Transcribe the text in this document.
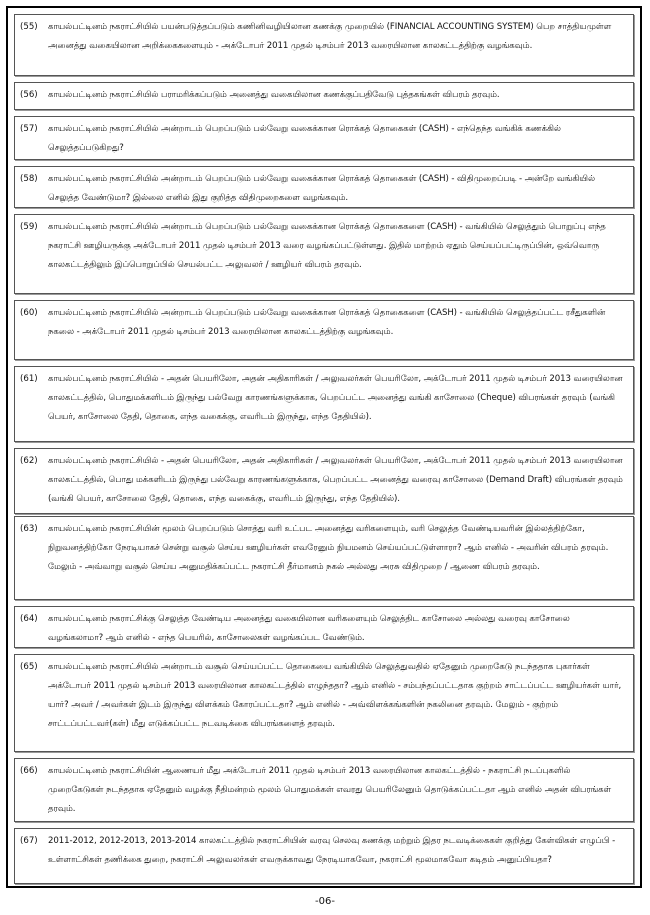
(55)	காயல்பட்டினம் நகராட்சியில் பயன்படுத்தப்படும் கணினிவழியிலான கணக்கு முறையில் (FINANCIAL ACCOUNTING SYSTEM) பெற சாத்தியமுள்ள அனைத்து வகையிலான அறிக்கைகளையும் - அக்டோபர் 2011 முதல் டிசம்பர் 2013 வரையிலான காலகட்டத்திற்கு வழங்கவும்.
(56)	காயல்பட்டினம் நகராட்சியில் பராமரிக்கப்படும் அனைத்து வகையிலான கணக்குப்பதிவேடு புத்தகங்கள் விபரம் தரவும்.
(57)	காயல்பட்டினம் நகராட்சியில் அன்றாடம் பெறப்படும் பல்வேறு வகைக்கான ரொக்கத் தொகைகள் (CASH) - எந்தெந்த வங்கிக் கணக்கில் செலுத்தப்படுகிறது?
(58)	காயல்பட்டினம் நகராட்சியில் அன்றாடம் பெறப்படும் பல்வேறு வகைக்கான ரொக்கத் தொகைகள் (CASH) - விதிமுறைப்படி - அன்றே வங்கியில் செலுத்த வேண்டுமா? இல்லை எனில் இது குறித்த விதிமுறைகளை வழங்கவும்.
(59)	காயல்பட்டினம் நகராட்சியில் அன்றாடம் பெறப்படும் பல்வேறு வகைக்கான ரொக்கத் தொகைகளை (CASH) - வங்கியில் செலுத்தும் பொறுப்பு எந்த நகராட்சி ஊழியருக்கு அக்டோபர் 2011 முதல் டிசம்பர் 2013 வரை வழங்கப்பட்டுள்ளது. இதில் மாற்றம் ஏதும் செய்யப்பட்டிருப்பின், ஒவ்வொரு காலகட்டத்திலும் இப்பொறுப்பில் செயல்பட்ட அலுவலர் / ஊழியர் விபரம் தரவும்.
(60)	காயல்பட்டினம் நகராட்சியில் அன்றாடம் பெறப்படும் பல்வேறு வகைக்கான ரொக்கத் தொகைகளை (CASH) - வங்கியில் செலுத்தப்பட்ட ரசீதுகளின் நகலை - அக்டோபர் 2011 முதல் டிசம்பர் 2013 வரையிலான காலகட்டத்திற்கு வழங்கவும்.
(61)	காயல்பட்டினம் நகராட்சியில் - அதன் பெயரிலோ, அதன் அதிகாரிகள் / அலுவலர்கள் பெயரிலோ, அக்டோபர் 2011 முதல் டிசம்பர் 2013 வரையிலான காலகட்டத்தில், பொதுமக்களிடம் இருந்து பல்வேறு காரணங்களுக்காக, பெறப்பட்ட அனைத்து வங்கி காசோலை (Cheque) விபரங்கள் தரவும் (வங்கி பெயர், காசோலை தேதி, தொகை, எந்த வகைக்கு, எவரிடம் இருந்து, எந்த தேதியில்).
(62)	காயல்பட்டினம் நகராட்சியில் - அதன் பெயரிலோ, அதன் அதிகாரிகள் / அலுவலர்கள் பெயரிலோ, அக்டோபர் 2011 முதல் டிசம்பர் 2013 வரையிலான காலகட்டத்தில், பொது மக்களிடம் இருந்து பல்வேறு காரணங்களுக்காக, பெறப்பட்ட அனைத்து வரைவு காசோலை (Demand Draft) விபரங்கள் தரவும் (வங்கி பெயர், காசோலை தேதி, தொகை, எந்த வகைக்கு, எவரிடம் இருந்து, எந்த தேதியில்).
(63)	காயல்பட்டினம் நகராட்சியின் மூலம் பெறப்படும் சொத்து வரி உட்பட அனைத்து வரிகளையும், வரி செலுத்த வேண்டியவரின் இல்லத்திற்கோ, நிறுவனத்திற்கோ நேரடியாகச் சென்று வசூல் செய்ய ஊழியர்கள் எவரேனும் நியமனம் செய்யப்பட்டுள்ளாரா? ஆம் எனில் - அவரின் விபரம் தரவும். மேலும் - அவ்வாறு வசூல் செய்ய அனுமதிக்கப்பட்ட நகராட்சி தீர்மானம் நகல் அல்லது அரசு விதிமுறை / ஆணை விபரம் தரவும்.
(64)	காயல்பட்டினம் நகராட்சிக்கு செலுத்த வேண்டிய அனைத்து வகையிலான வரிகளையும் செலுத்திட காசோலை அல்லது வரைவு காசோலை வழங்கலாமா? ஆம் எனில் - எந்த பெயரில், காசோலைகள் வழங்கப்பட வேண்டும்.
(65)	காயல்பட்டினம் நகராட்சியில் அன்றாடம் வசூல் செய்யப்பட்ட தொகையை வங்கியில் செலுத்துவதில் ஏதேனும் முறைகேடு நடந்ததாக புகார்கள் அக்டோபர் 2011 முதல் டிசம்பர் 2013 வரையிலான காலகட்டத்தில் எழுந்ததா? ஆம் எனில் - சம்பந்தப்பட்டதாக குற்றம் சாட்டப்பட்ட ஊழியர்கள் யார், யார்? அவர் / அவர்கள் இடம் இருந்து விளக்கம் கோரப்பட்டதா? ஆம் எனில் - அவ்விளக்கங்களின் நகலினை தரவும். மேலும் - குற்றம் சாட்டப்பட்டவர்(கள்) மீது எடுக்கப்பட்ட நடவடிக்கை விபரங்களைத் தரவும்.
(66)	காயல்பட்டினம் நகராட்சியின் ஆணையர் மீது அக்டோபர் 2011 முதல் டிசம்பர் 2013 வரையிலான காலகட்டத்தில் - நகராட்சி நடப்புகளில் முறைகேடுகள் நடந்ததாக ஏதேனும் வழக்கு நீதிமன்றம் மூலம் பொதுமக்கள் எவரது பெயரிலேனும் தொடுக்கப்பட்டதா ஆம் எனில் அதன் விபரங்கள் தரவும்.
(67)	2011-2012, 2012-2013, 2013-2014 காலகட்டத்தில் நகராட்சியின் வரவு செலவு கணக்கு மற்றும் இதர நடவடிக்கைகள் குறித்து கேள்விகள் எழுப்பி - உள்ளாட்சிகள் தணிக்கை துறை, நகராட்சி அலுவலர்கள் எவருக்காவது நேரடியாகவோ, நகராட்சி மூலமாகவோ கடிதம் அனுப்பியதா?
-06-
